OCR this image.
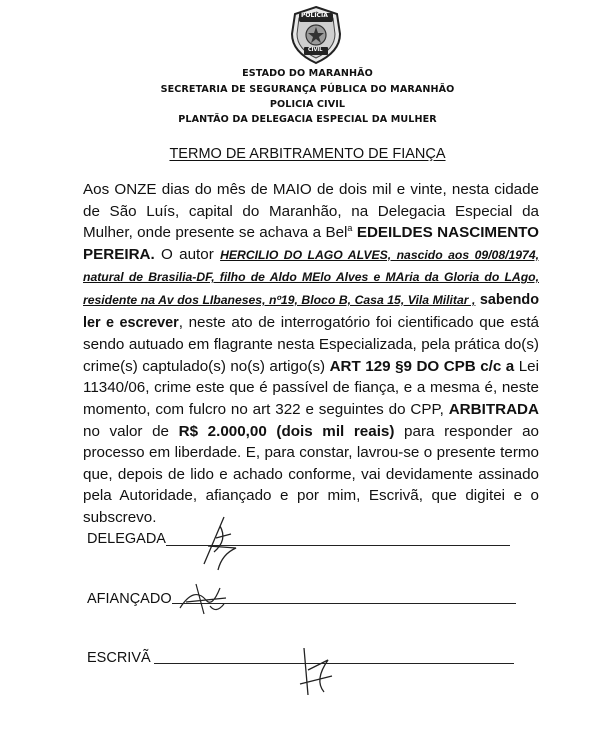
POLÍCIA
CIVIL
ESTADO DO MARANHÃO
SECRETARIA DE SEGURANÇA PÚBLICA DO MARANHÃO
POLICIA CIVIL
PLANTÃO DA DELEGACIA ESPECIAL DA MULHER
TERMO DE ARBITRAMENTO DE FIANÇA
Aos ONZE dias do mês de MAIO de dois mil e vinte, nesta cidade de São Luís, capital do Maranhão, na Delegacia Especial da Mulher, onde presente se achava a Bel$^a$ EDEILDES NASCIMENTO PEREIRA. O autor HERCILIO DO LAGO ALVES, nascido aos 09/08/1974, natural de Brasilia-DF, filho de Aldo MElo Alves e MAria da Gloria do LAgo, residente na Av dos LIbaneses, nº19, Bloco B, Casa 15, Vila Militar , sabendo ler e escrever, neste ato de interrogatório foi cientificado que está sendo autuado em flagrante nesta Especializada, pela prática do(s) crime(s) captulado(s) no(s) artigo(s) ART 129 §9 DO CPB c/c a Lei 11340/06, crime este que é passível de fiança, e a mesma é, neste momento, com fulcro no art 322 e seguintes do CPP, ARBITRADA no valor de R$ 2.000,00 (dois mil reais) para responder ao processo em liberdade. E, para constar, lavrou-se o presente termo que, depois de lido e achado conforme, vai devidamente assinado pela Autoridade, afiançado e por mim, Escrivã, que digitei e o subscrevo.
DELEGADA
AFIANÇADO
ESCRIVÃ
